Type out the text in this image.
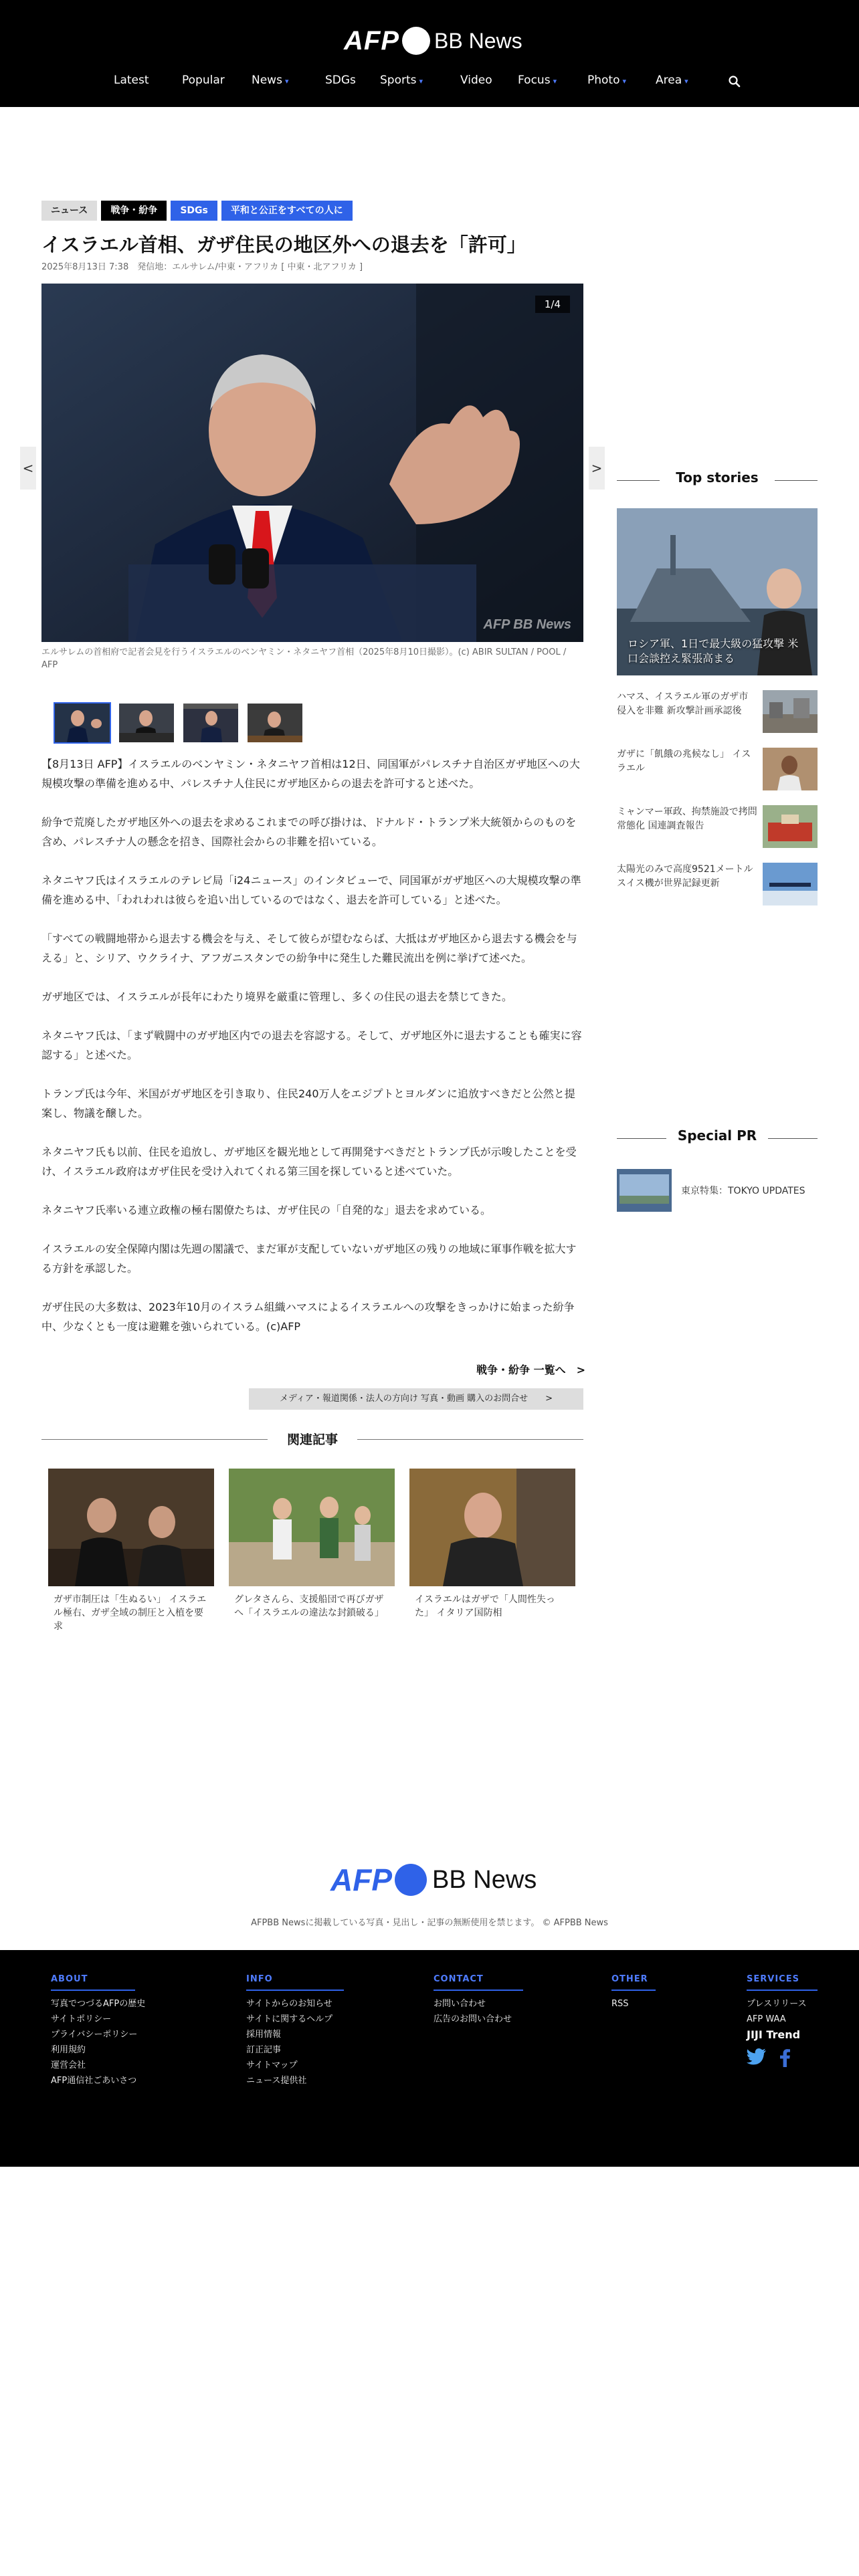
AFP BB News
Latest	Popular News ▾	SDGs Sports ▾	Video Focus ▾	Photo ▾	Area ▾
ニュース	戦争・紛争	SDGs	平和と公正をすべての人に
イスラエル首相、ガザ住民の地区外への退去を「許可」
2025年8月13日 7:38　発信地：エルサレム/中東・アフリカ [ 中東・北アフリカ ]
1/4
AFP BB News
<	>
エルサレムの首相府で記者会見を行うイスラエルのベンヤミン・ネタニヤフ首相（2025年8月10日撮影）。(c) ABIR SULTAN / POOL / AFP

【8月13日 AFP】イスラエルのベンヤミン・ネタニヤフ首相は12日、同国軍がパレスチナ自治区ガザ地区への大規模攻撃の準備を進める中、パレスチナ人住民にガザ地区からの退去を許可すると述べた。

紛争で荒廃したガザ地区外への退去を求めるこれまでの呼び掛けは、ドナルド・トランプ米大統領からのものを含め、パレスチナ人の懸念を招き、国際社会からの非難を招いている。

ネタニヤフ氏はイスラエルのテレビ局「i24ニュース」のインタビューで、同国軍がガザ地区への大規模攻撃の準備を進める中、「われわれは彼らを追い出しているのではなく、退去を許可している」と述べた。

「すべての戦闘地帯から退去する機会を与え、そして彼らが望むならば、大抵はガザ地区から退去する機会を与える」と、シリア、ウクライナ、アフガニスタンでの紛争中に発生した難民流出を例に挙げて述べた。

ガザ地区では、イスラエルが長年にわたり境界を厳重に管理し、多くの住民の退去を禁じてきた。

ネタニヤフ氏は、「まず戦闘中のガザ地区内での退去を容認する。そして、ガザ地区外に退去することも確実に容認する」と述べた。

トランプ氏は今年、米国がガザ地区を引き取り、住民240万人をエジプトとヨルダンに追放すべきだと公然と提案し、物議を醸した。

ネタニヤフ氏も以前、住民を追放し、ガザ地区を観光地として再開発すべきだとトランプ氏が示唆したことを受け、イスラエル政府はガザ住民を受け入れてくれる第三国を探していると述べていた。

ネタニヤフ氏率いる連立政権の極右閣僚たちは、ガザ住民の「自発的な」退去を求めている。

イスラエルの安全保障内閣は先週の閣議で、まだ軍が支配していないガザ地区の残りの地域に軍事作戦を拡大する方針を承認した。

ガザ住民の大多数は、2023年10月のイスラム組織ハマスによるイスラエルへの攻撃をきっかけに始まった紛争中、少なくとも一度は避難を強いられている。(c)AFP

戦争・紛争 一覧へ　>
メディア・報道関係・法人の方向け 写真・動画 購入のお問合せ　　>
関連記事
ガザ市制圧は「生ぬるい」 イスラエル極右、ガザ全域の制圧と入植を要求
グレタさんら、支援船団で再びガザへ「イスラエルの違法な封鎖破る」
イスラエルはガザで「人間性失った」 イタリア国防相
Top stories
ロシア軍、1日で最大級の猛攻撃 米口会談控え緊張高まる
ハマス、イスラエル軍のガザ市侵入を非難 新攻撃計画承認後
ガザに「飢餓の兆候なし」 イスラエル
ミャンマー軍政、拘禁施設で拷問常態化 国連調査報告
太陽光のみで高度9521メートル スイス機が世界記録更新
Special PR
東京特集：TOKYO UPDATES
AFP BB News
AFPBB Newsに掲載している写真・見出し・記事の無断使用を禁じます。 © AFPBB News
ABOUT
写真でつづるAFPの歴史
サイトポリシー
プライバシーポリシー
利用規約
運営会社
AFP通信社ごあいさつ
INFO
サイトからのお知らせ
サイトに関するヘルプ
採用情報
訂正記事
サイトマップ
ニュース提供社
CONTACT
お問い合わせ
広告のお問い合わせ
OTHER
RSS
SERVICES
プレスリリース
AFP WAA
JIJI Trend
